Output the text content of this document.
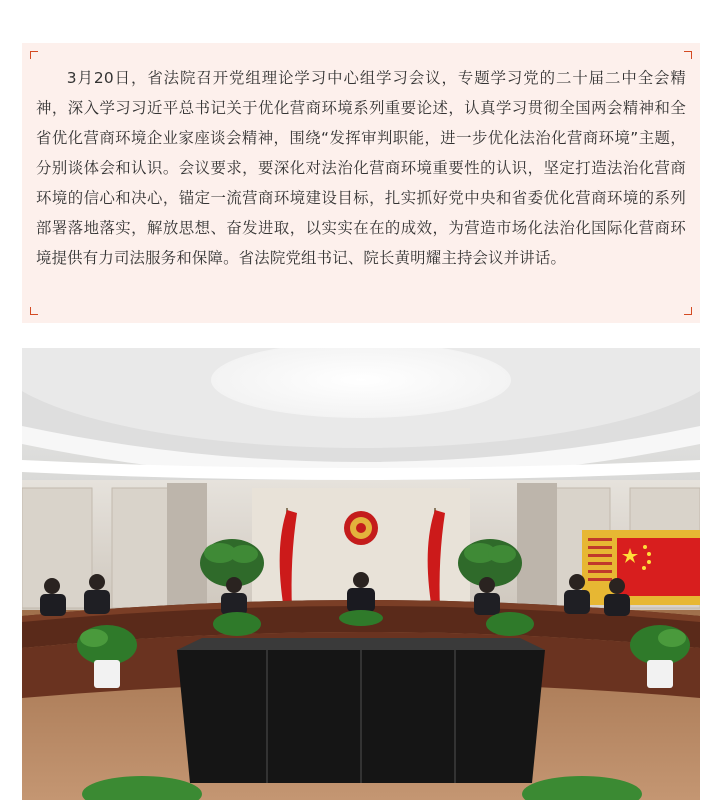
3月20日，省法院召开党组理论学习中心组学习会议，专题学习党的二十届二中全会精神，深入学习习近平总书记关于优化营商环境系列重要论述，认真学习贯彻全国两会精神和全省优化营商环境企业家座谈会精神，围绕“发挥审判职能，进一步优化法治化营商环境”主题，分别谈体会和认识。会议要求，要深化对法治化营商环境重要性的认识，坚定打造法治化营商环境的信心和决心，锚定一流营商环境建设目标，扎实抓好党中央和省委优化营商环境的系列部署落地落实，解放思想、奋发进取，以实实在在的成效，为营造市场化法治化国际化营商环境提供有力司法服务和保障。省法院党组书记、院长黄明耀主持会议并讲话。
